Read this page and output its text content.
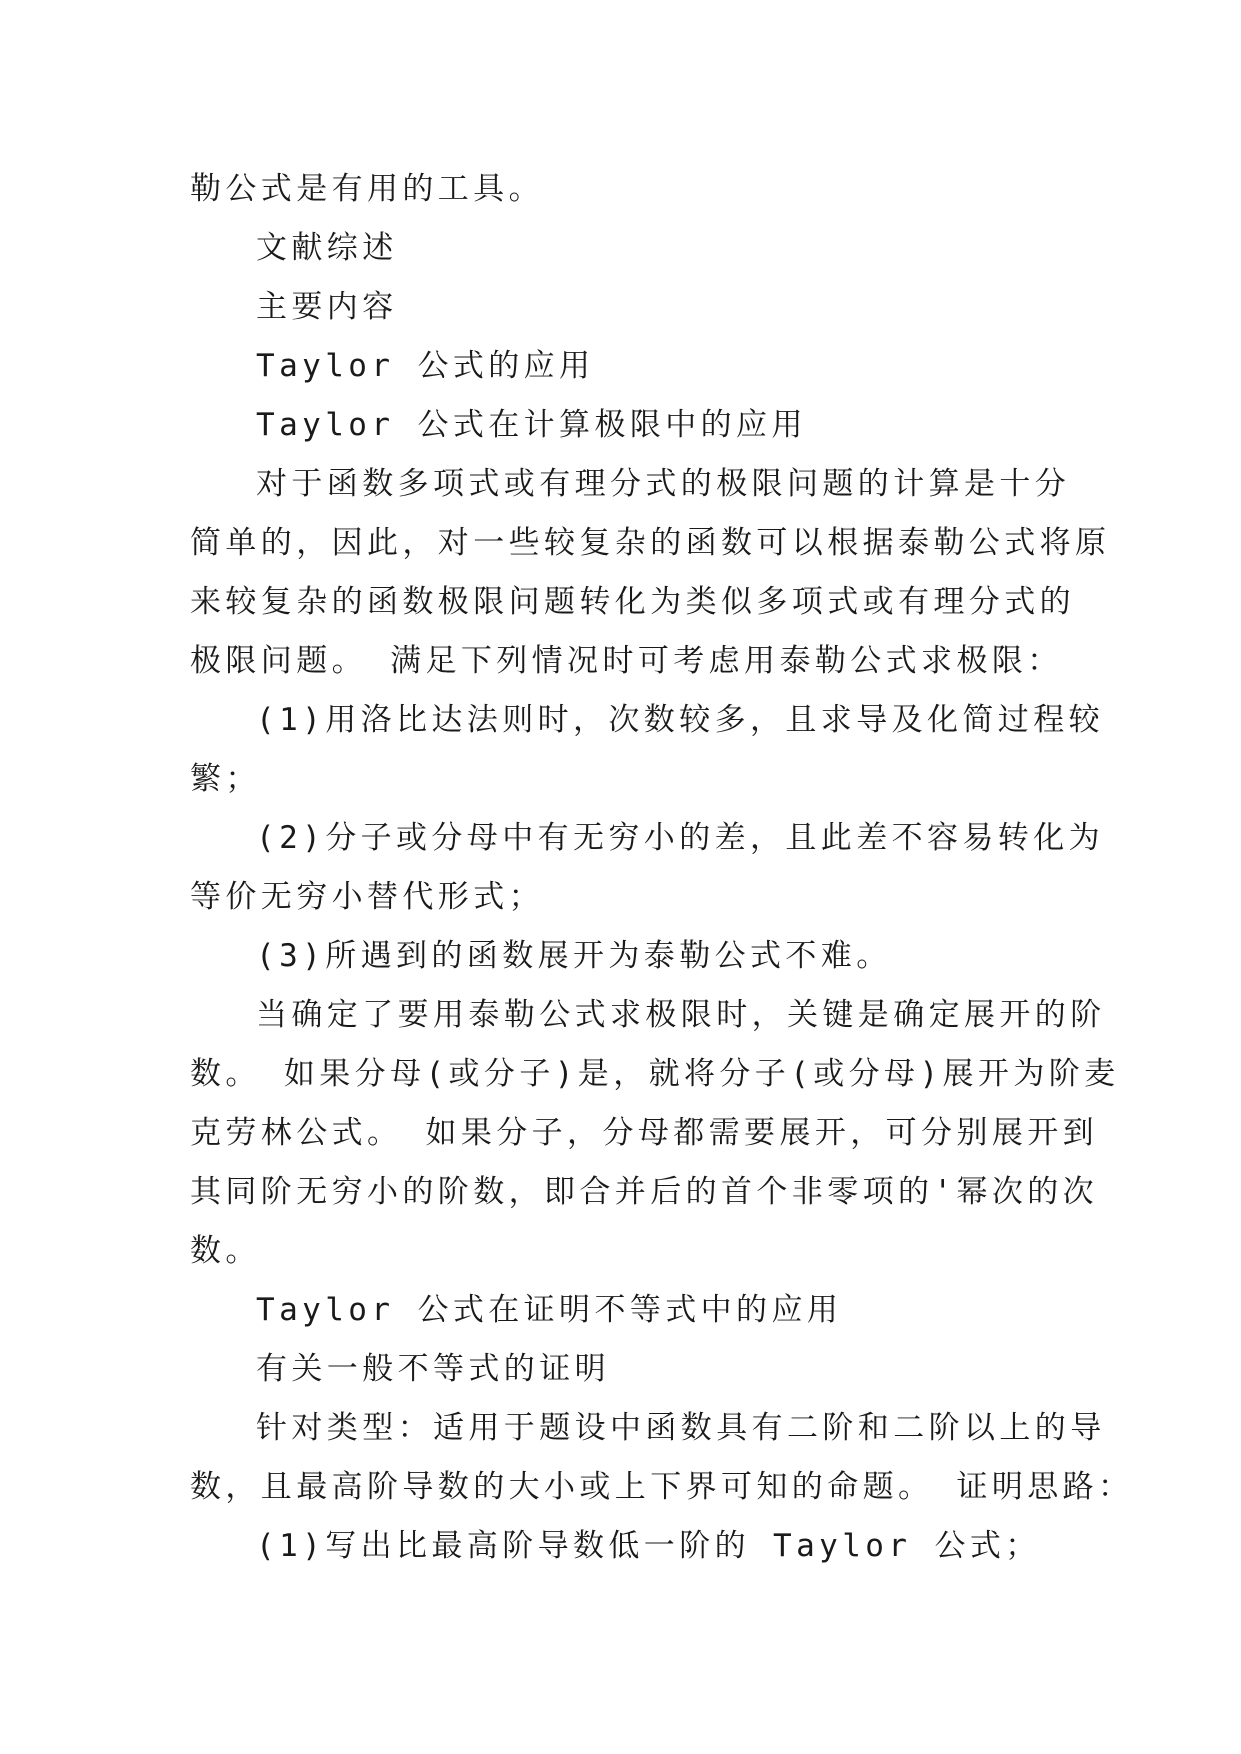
勒公式是有用的工具。
文献综述
主要内容
Taylor 公式的应用
Taylor 公式在计算极限中的应用
对于函数多项式或有理分式的极限问题的计算是十分
简单的，因此，对一些较复杂的函数可以根据泰勒公式将原
来较复杂的函数极限问题转化为类似多项式或有理分式的
极限问题。 满足下列情况时可考虑用泰勒公式求极限：
(1)用洛比达法则时，次数较多，且求导及化简过程较
繁；
(2)分子或分母中有无穷小的差，且此差不容易转化为
等价无穷小替代形式；
(3)所遇到的函数展开为泰勒公式不难。
当确定了要用泰勒公式求极限时，关键是确定展开的阶
数。 如果分母(或分子)是，就将分子(或分母)展开为阶麦
克劳林公式。 如果分子，分母都需要展开，可分别展开到
其同阶无穷小的阶数，即合并后的首个非零项的'幂次的次
数。
Taylor 公式在证明不等式中的应用
有关一般不等式的证明
针对类型：适用于题设中函数具有二阶和二阶以上的导
数，且最高阶导数的大小或上下界可知的命题。 证明思路：
(1)写出比最高阶导数低一阶的 Taylor 公式；
